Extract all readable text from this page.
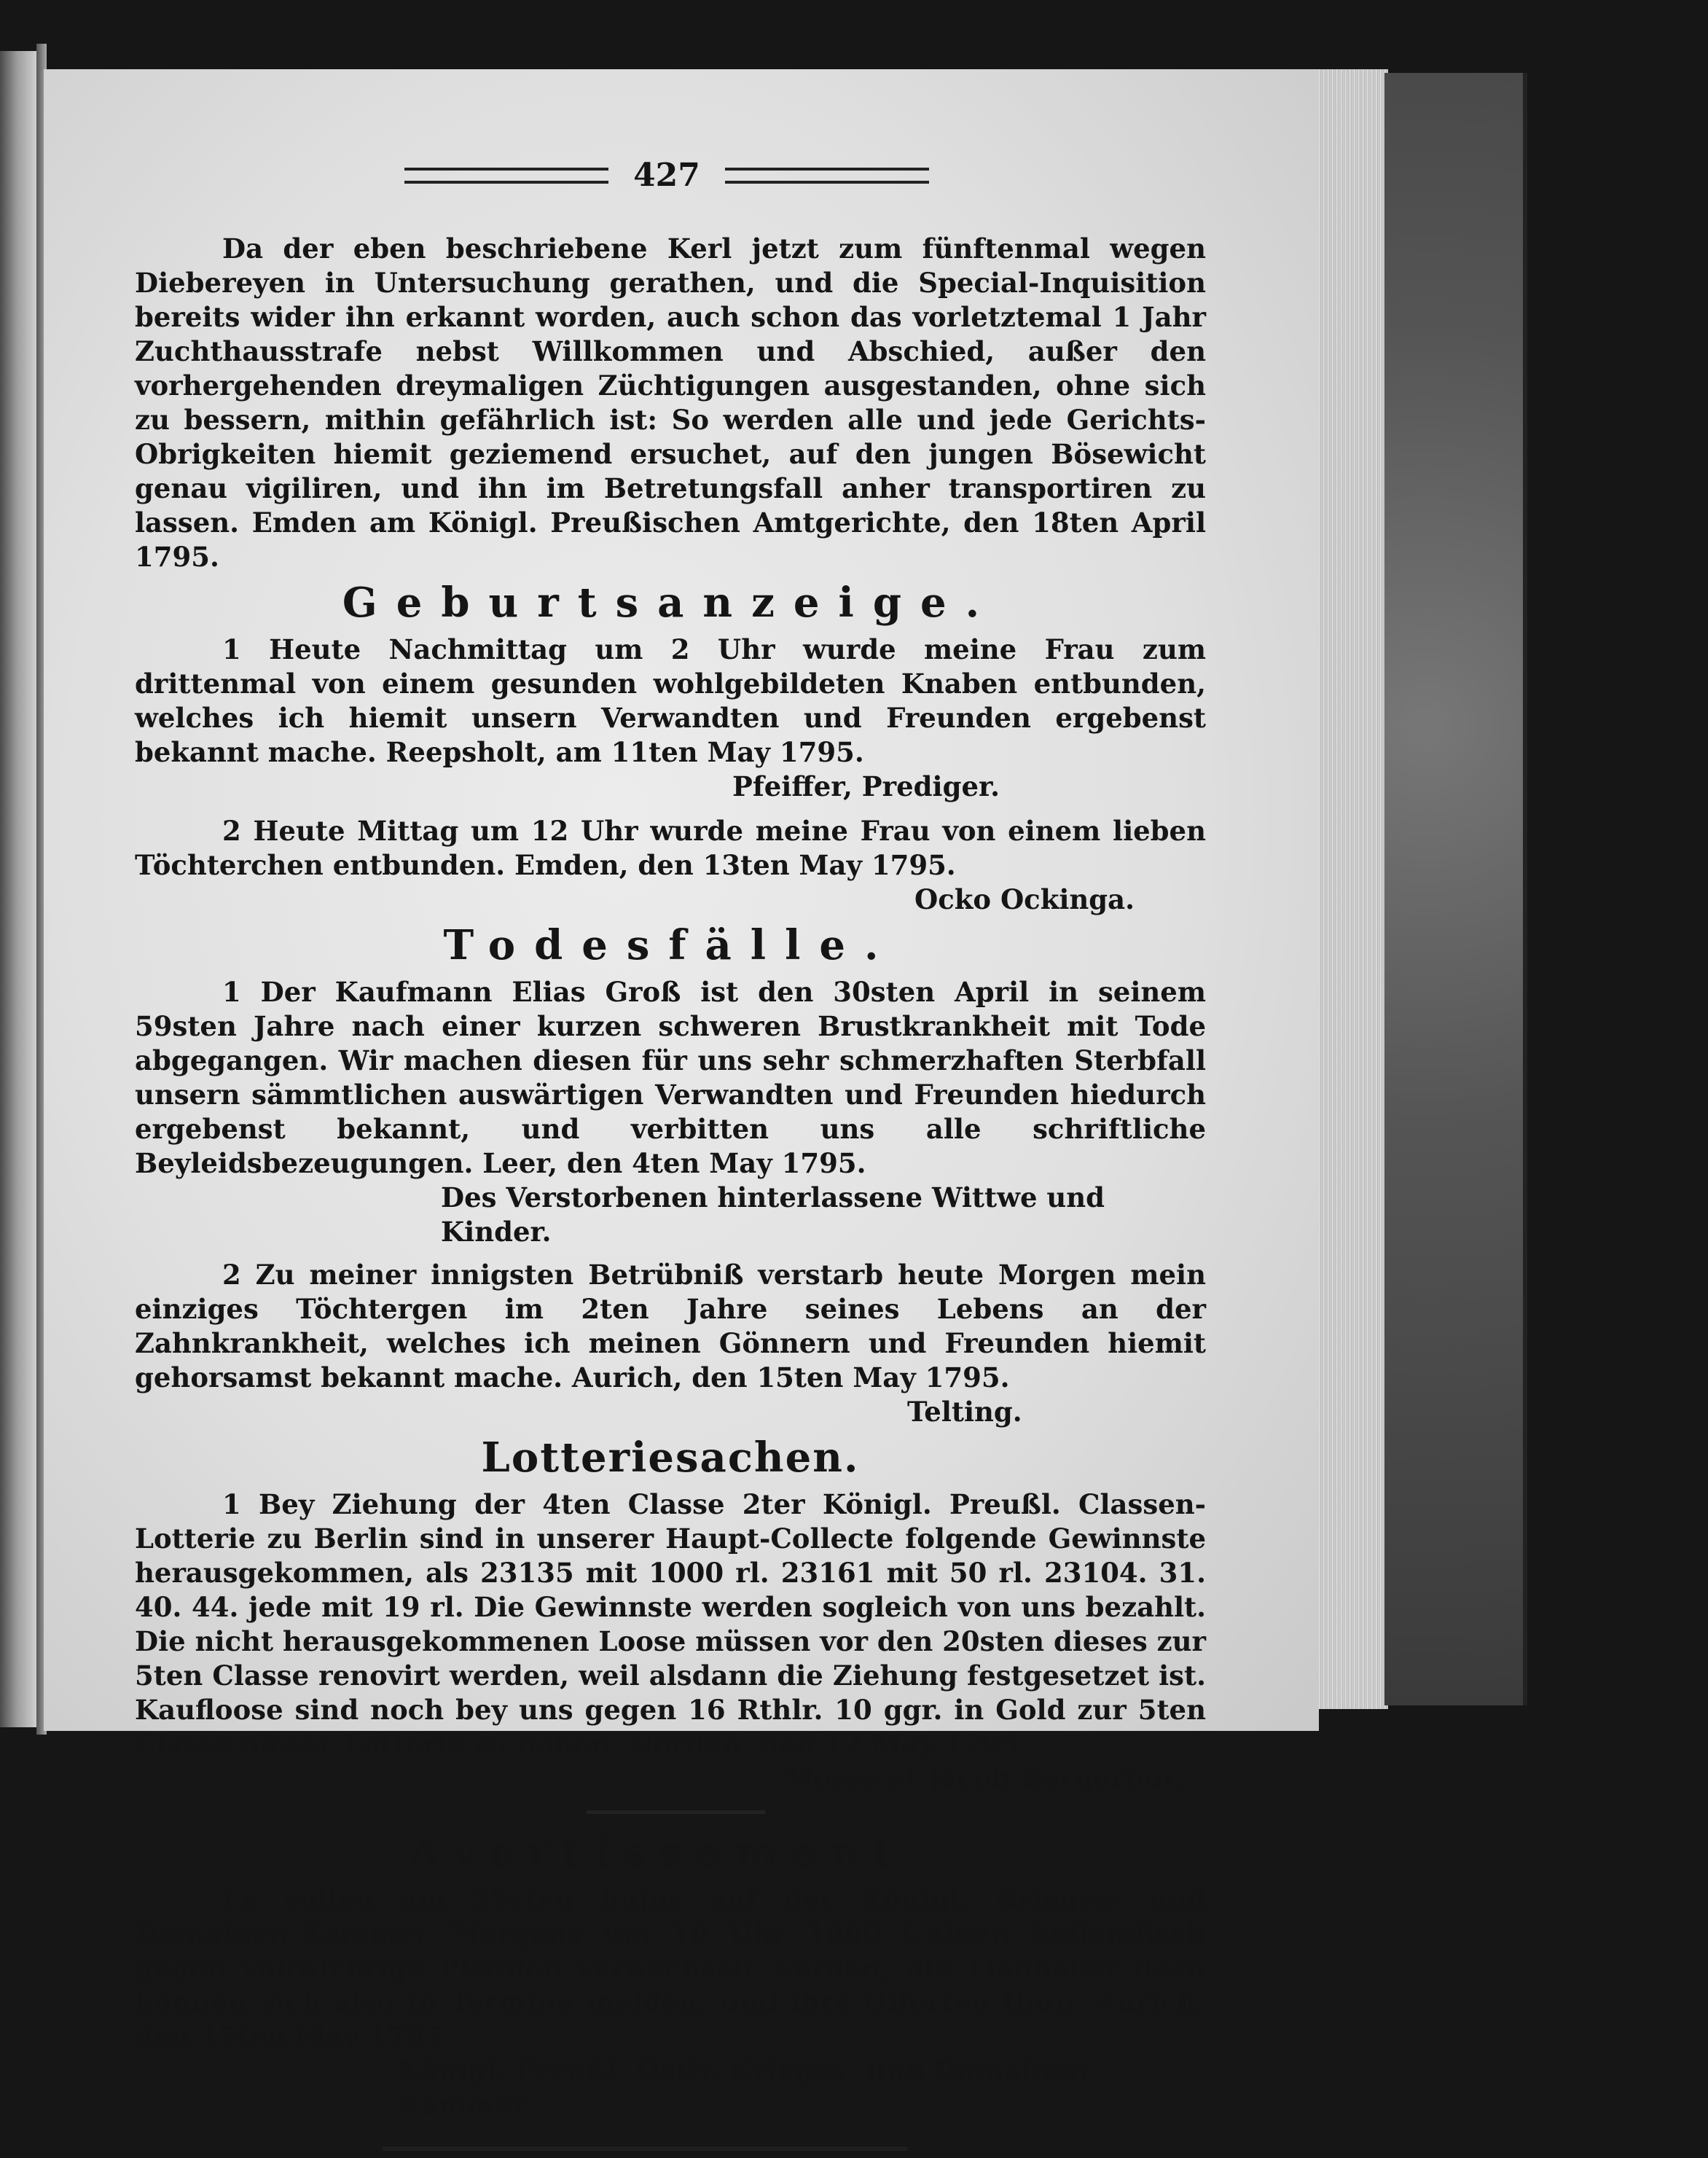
427

Da der eben beschriebene Kerl jetzt zum fünftenmal wegen Diebereyen in Untersuchung gerathen, und die Special-Inquisition bereits wider ihn erkannt worden, auch schon das vorletztemal 1 Jahr Zuchthausstrafe nebst Willkommen und Abschied, außer den vorhergehenden dreymaligen Züchtigungen ausgestanden, ohne sich zu bessern, mithin gefährlich ist: So werden alle und jede Gerichts-Obrigkeiten hiemit geziemend ersuchet, auf den jungen Bösewicht genau vigiliren, und ihn im Betretungsfall anher transportiren zu lassen. Emden am Königl. Preußischen Amtgerichte, den 18ten April 1795.

Geburtsanzeige.

1 Heute Nachmittag um 2 Uhr wurde meine Frau zum drittenmal von einem gesunden wohlgebildeten Knaben entbunden, welches ich hiemit unsern Verwandten und Freunden ergebenst bekannt mache. Reepsholt, am 11ten May 1795.

Pfeiffer, Prediger.

2 Heute Mittag um 12 Uhr wurde meine Frau von einem lieben Töchterchen entbunden. Emden, den 13ten May 1795.

Ocko Ockinga.
Todesfälle.

1 Der Kaufmann Elias Groß ist den 30sten April in seinem 59sten Jahre nach einer kurzen schweren Brustkrankheit mit Tode abgegangen. Wir machen diesen für uns sehr schmerzhaften Sterbfall unsern sämmtlichen auswärtigen Verwandten und Freunden hiedurch ergebenst bekannt, und verbitten uns alle schriftliche Beyleidsbezeugungen. Leer, den 4ten May 1795.

Des Verstorbenen hinterlassene Wittwe und Kinder.

2 Zu meiner innigsten Betrübniß verstarb heute Morgen mein einziges Töchtergen im 2ten Jahre seines Lebens an der Zahnkrankheit, welches ich meinen Gönnern und Freunden hiemit gehorsamst bekannt mache. Aurich, den 15ten May 1795.

Telting.
Lotteriesachen.

1 Bey Ziehung der 4ten Classe 2ter Königl. Preußl. Classen-Lotterie zu Berlin sind in unserer Haupt-Collecte folgende Gewinnste herausgekommen, als 23135 mit 1000 rl. 23161 mit 50 rl. 23104. 31. 40. 44. jede mit 19 rl. Die Gewinnste werden sogleich von uns bezahlt. Die nicht herausgekommenen Loose müssen vor den 20sten dieses zur 5ten Classe renovirt werden, weil alsdann die Ziehung festgesetzet ist. Kaufloose sind noch bey uns gegen 16 Rthlr. 10 ggr. in Gold zur 5ten Classe dieser Lotterie zu haben. Norden, den 12 May 1795.

Moses et Jacob Bargerbur.
Avertissement.

Es sollen am 29sten hujus auf der Königl. Krieges- und Domainen-Kammer Morgens um 10 Uhr 1000 Gulden holländisch gegen vollwichtige Pistolen verwechselt werden, die Liebhaber dazu können sich also in Termino melden, und ihre Offerten thun. Aurich, den 15ten May 1795.

Königl. Preußl. Ostfr. Krieges- und Domainen-Kammer.
